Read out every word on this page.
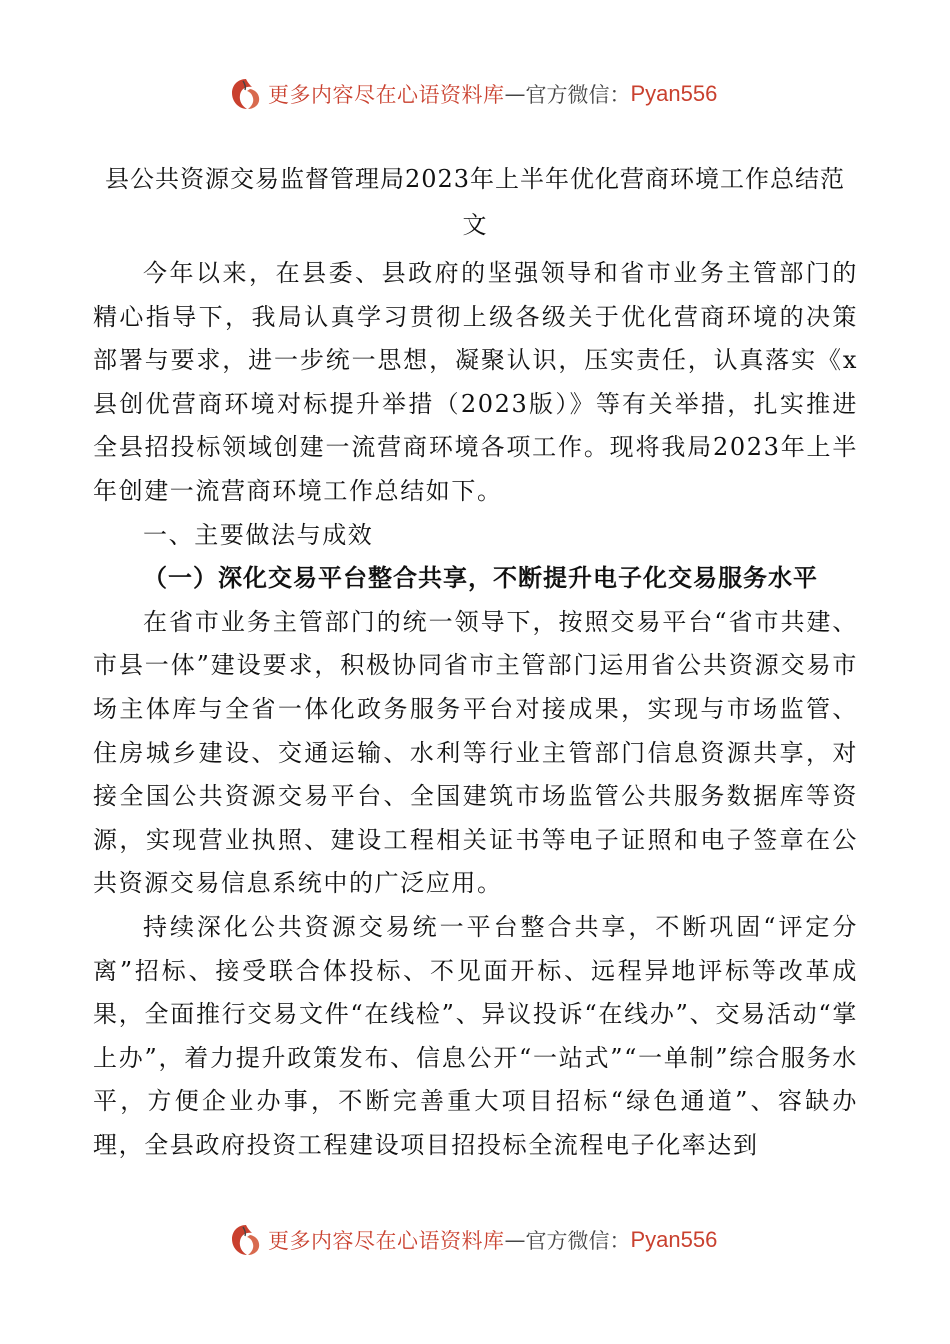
更多内容尽在心语资料库 — 官方微信： Pyan556
县公共资源交易监督管理局2023年上半年优化营商环境工作总结范
文

今年以来，在县委、县政府的坚强领导和省市业务主管部门的精心指导下，我局认真学习贯彻上级各级关于优化营商环境的决策部署与要求，进一步统一思想，凝聚认识，压实责任，认真落实《x县创优营商环境对标提升举措（2023版）》等有关举措，扎实推进全县招投标领域创建一流营商环境各项工作。现将我局2023年上半年创建一流营商环境工作总结如下。

一、主要做法与成效

（一）深化交易平台整合共享，不断提升电子化交易服务水平

在省市业务主管部门的统一领导下，按照交易平台“省市共建、市县一体”建设要求，积极协同省市主管部门运用省公共资源交易市场主体库与全省一体化政务服务平台对接成果，实现与市场监管、住房城乡建设、交通运输、水利等行业主管部门信息资源共享，对接全国公共资源交易平台、全国建筑市场监管公共服务数据库等资源，实现营业执照、建设工程相关证书等电子证照和电子签章在公共资源交易信息系统中的广泛应用。

持续深化公共资源交易统一平台整合共享，不断巩固“评定分离”招标、接受联合体投标、不见面开标、远程异地评标等改革成果，全面推行交易文件“在线检”、异议投诉“在线办”、交易活动“掌上办”，着力提升政策发布、信息公开“一站式”“一单制”综合服务水平，方便企业办事，不断完善重大项目招标“绿色通道”、容缺办理，全县政府投资工程建设项目招投标全流程电子化率达到

更多内容尽在心语资料库 — 官方微信： Pyan556
